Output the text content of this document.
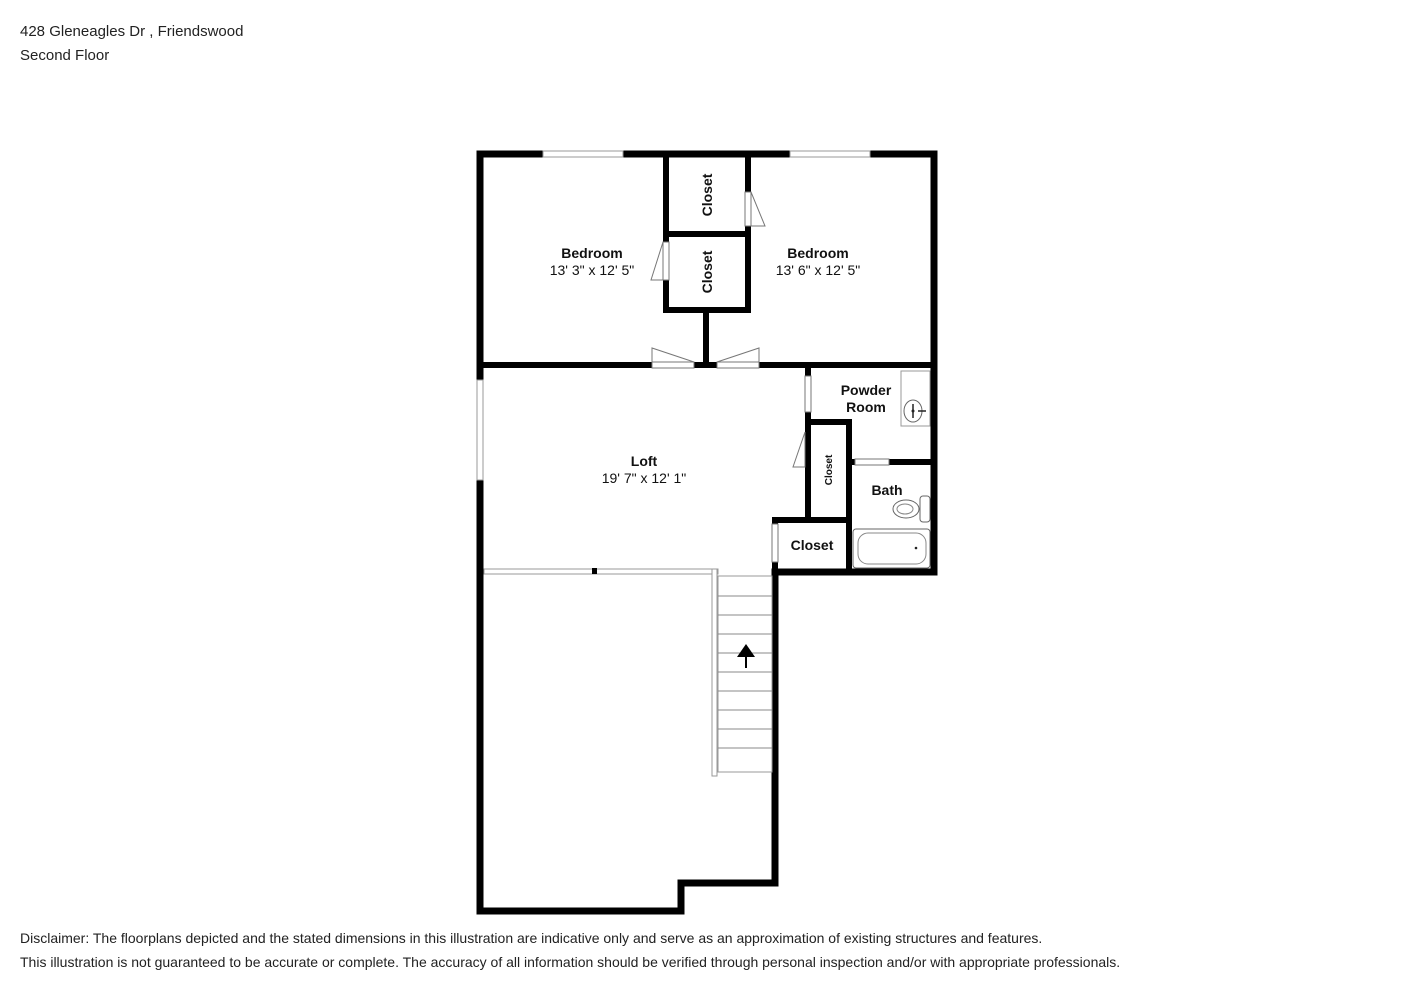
428 Gleneagles Dr , Friendswood
Second Floor
Bedroom
13' 3" x 12' 5"
Bedroom
13' 6" x 12' 5"
Closet
Closet
Loft
19' 7" x 12' 1"
Powder
Room
Closet
Bath
Closet
Disclaimer: The floorplans depicted and the stated dimensions in this illustration are indicative only and serve as an approximation of existing structures and features.
This illustration is not guaranteed to be accurate or complete. The accuracy of all information should be verified through personal inspection and/or with appropriate professionals.
